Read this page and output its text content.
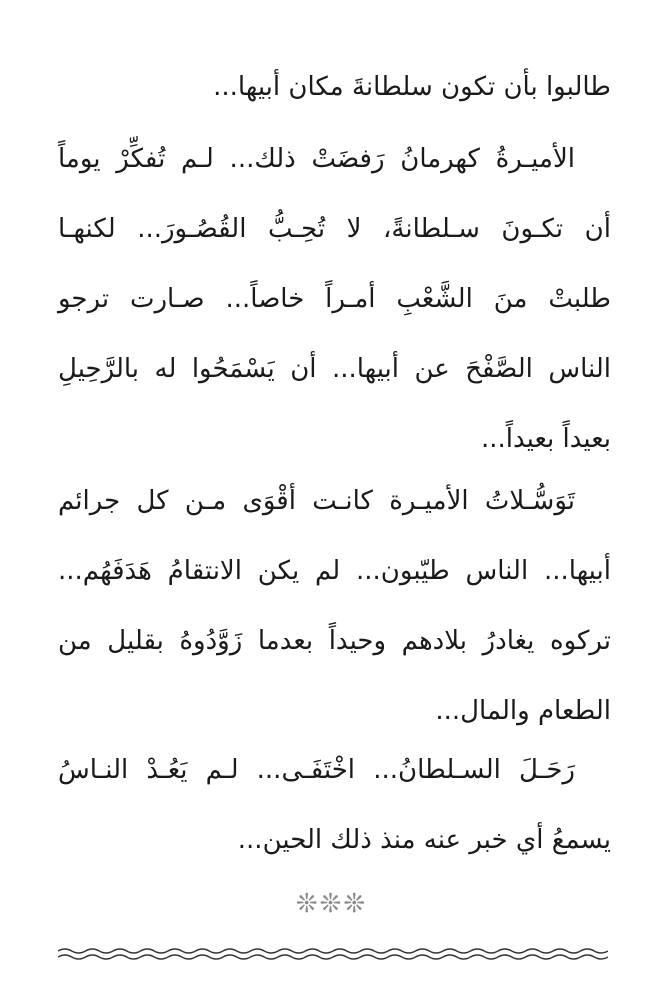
طالبوا بأن تكون سلطانةَ مكان أبيها...
الأميـرةُ كهرمانُ رَفضَتْ ذلك... لـم تُفكِّرْ يوماً
أن تكـونَ سـلطانةً، لا تُحِـبُّ القُصُـورَ... لكنهـا
طلبتْ منَ الشَّعْبِ أمـراً خاصاً... صـارت ترجو
الناس الصَّفْحَ عن أبيها... أن يَسْمَحُوا له بالرَّحِيلِ
بعيداً بعيداً...
تَوَسُّـلاتُ الأميـرة كانـت أقْوَى مـن كل جرائم
أبيها... الناس طيّبون... لم يكن الانتقامُ هَدَفَهُم...
تركوه يغادرُ بلادهم وحيداً بعدما زَوَّدُوهُ بقليل من
الطعام والمال...
رَحَـلَ السـلطانُ... اخْتَفَـى... لـم يَعُـدْ النـاسُ
يسمعُ أي خبر عنه منذ ذلك الحين...
❊❊❊
